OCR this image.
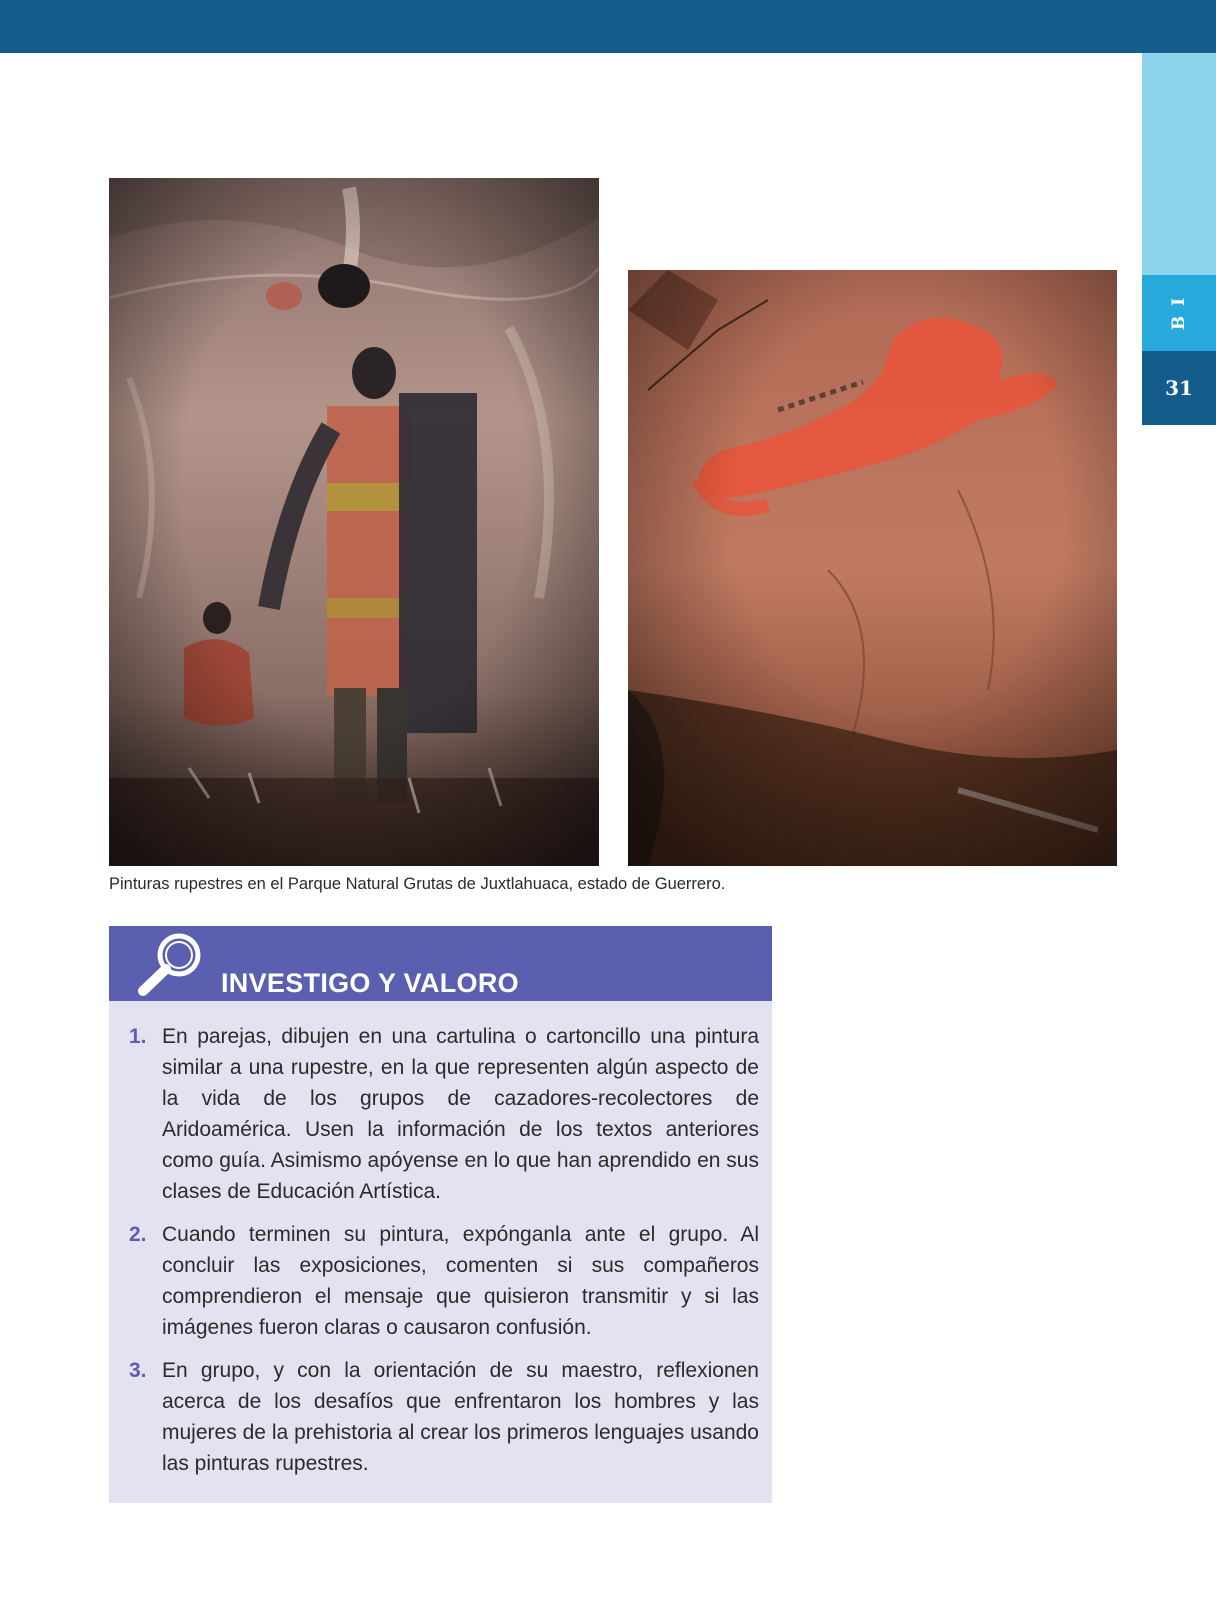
B I
31
Pinturas rupestres en el Parque Natural Grutas de Juxtlahuaca, estado de Guerrero.
INVESTIGO Y VALORO
1. En parejas, dibujen en una cartulina o cartoncillo una pintura similar a una rupestre, en la que representen algún aspecto de la vida de los grupos de cazadores-recolectores de Aridoamérica. Usen la información de los textos anteriores como guía. Asimismo apóyense en lo que han aprendido en sus clases de Educación Artística.
2. Cuando terminen su pintura, expónganla ante el grupo. Al concluir las exposiciones, comenten si sus compañeros comprendieron el mensaje que quisieron transmitir y si las imágenes fueron claras o causaron confusión.
3. En grupo, y con la orientación de su maestro, reflexionen acerca de los desafíos que enfrentaron los hombres y las mujeres de la prehistoria al crear los primeros lenguajes usando las pinturas rupestres.
